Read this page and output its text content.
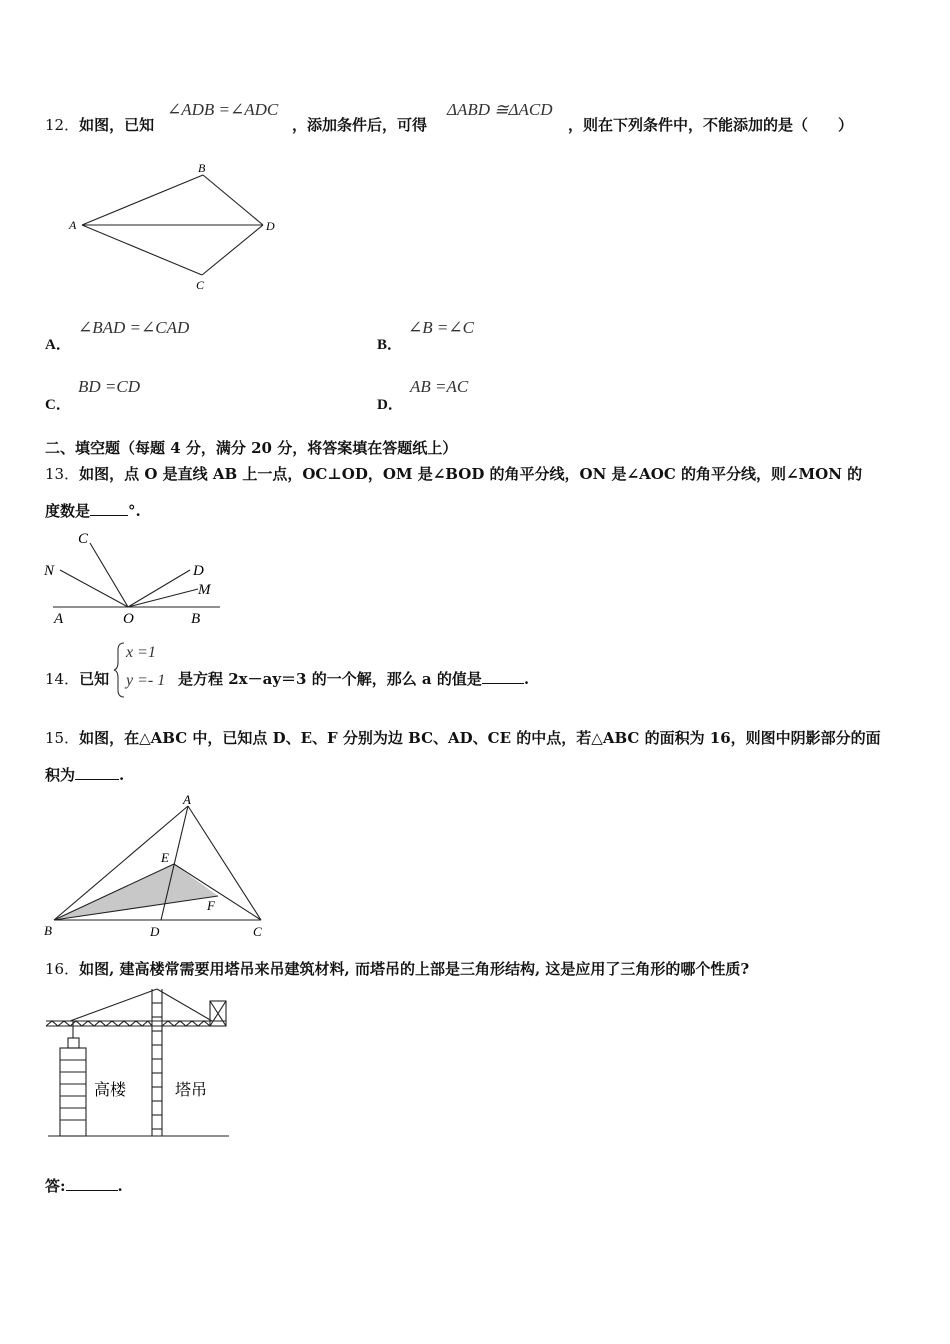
12．如图，已知
∠ADB =∠ADC
，添加条件后，可得
ΔABD ≅ΔACD
，则在下列条件中，不能添加的是（　　）
A
B
C
D
A．
∠BAD =∠CAD
B．
∠B =∠C
C．
BD =CD
D．
AB =AC
二、填空题（每题 4 分，满分 20 分，将答案填在答题纸上）
13．如图，点 O 是直线 AB 上一点，OC⊥OD，OM 是∠BOD 的角平分线，ON 是∠AOC 的角平分线，则∠MON 的
度数是	°.
N
C
D
M
A	O	B
14．已知
x =1
y =- 1 是方程 2x－ay＝3 的一个解，那么 a 的值是	.
15．如图，在△ABC 中，已知点 D、E、F 分别为边 BC、AD、CE 的中点，若△ABC 的面积为 16，则图中阴影部分的面
积为	.
A
B	C
D
E
F
16．如图, 建高楼常需要用塔吊来吊建筑材料, 而塔吊的上部是三角形结构, 这是应用了三角形的哪个性质?
高楼	塔吊
答:	.
